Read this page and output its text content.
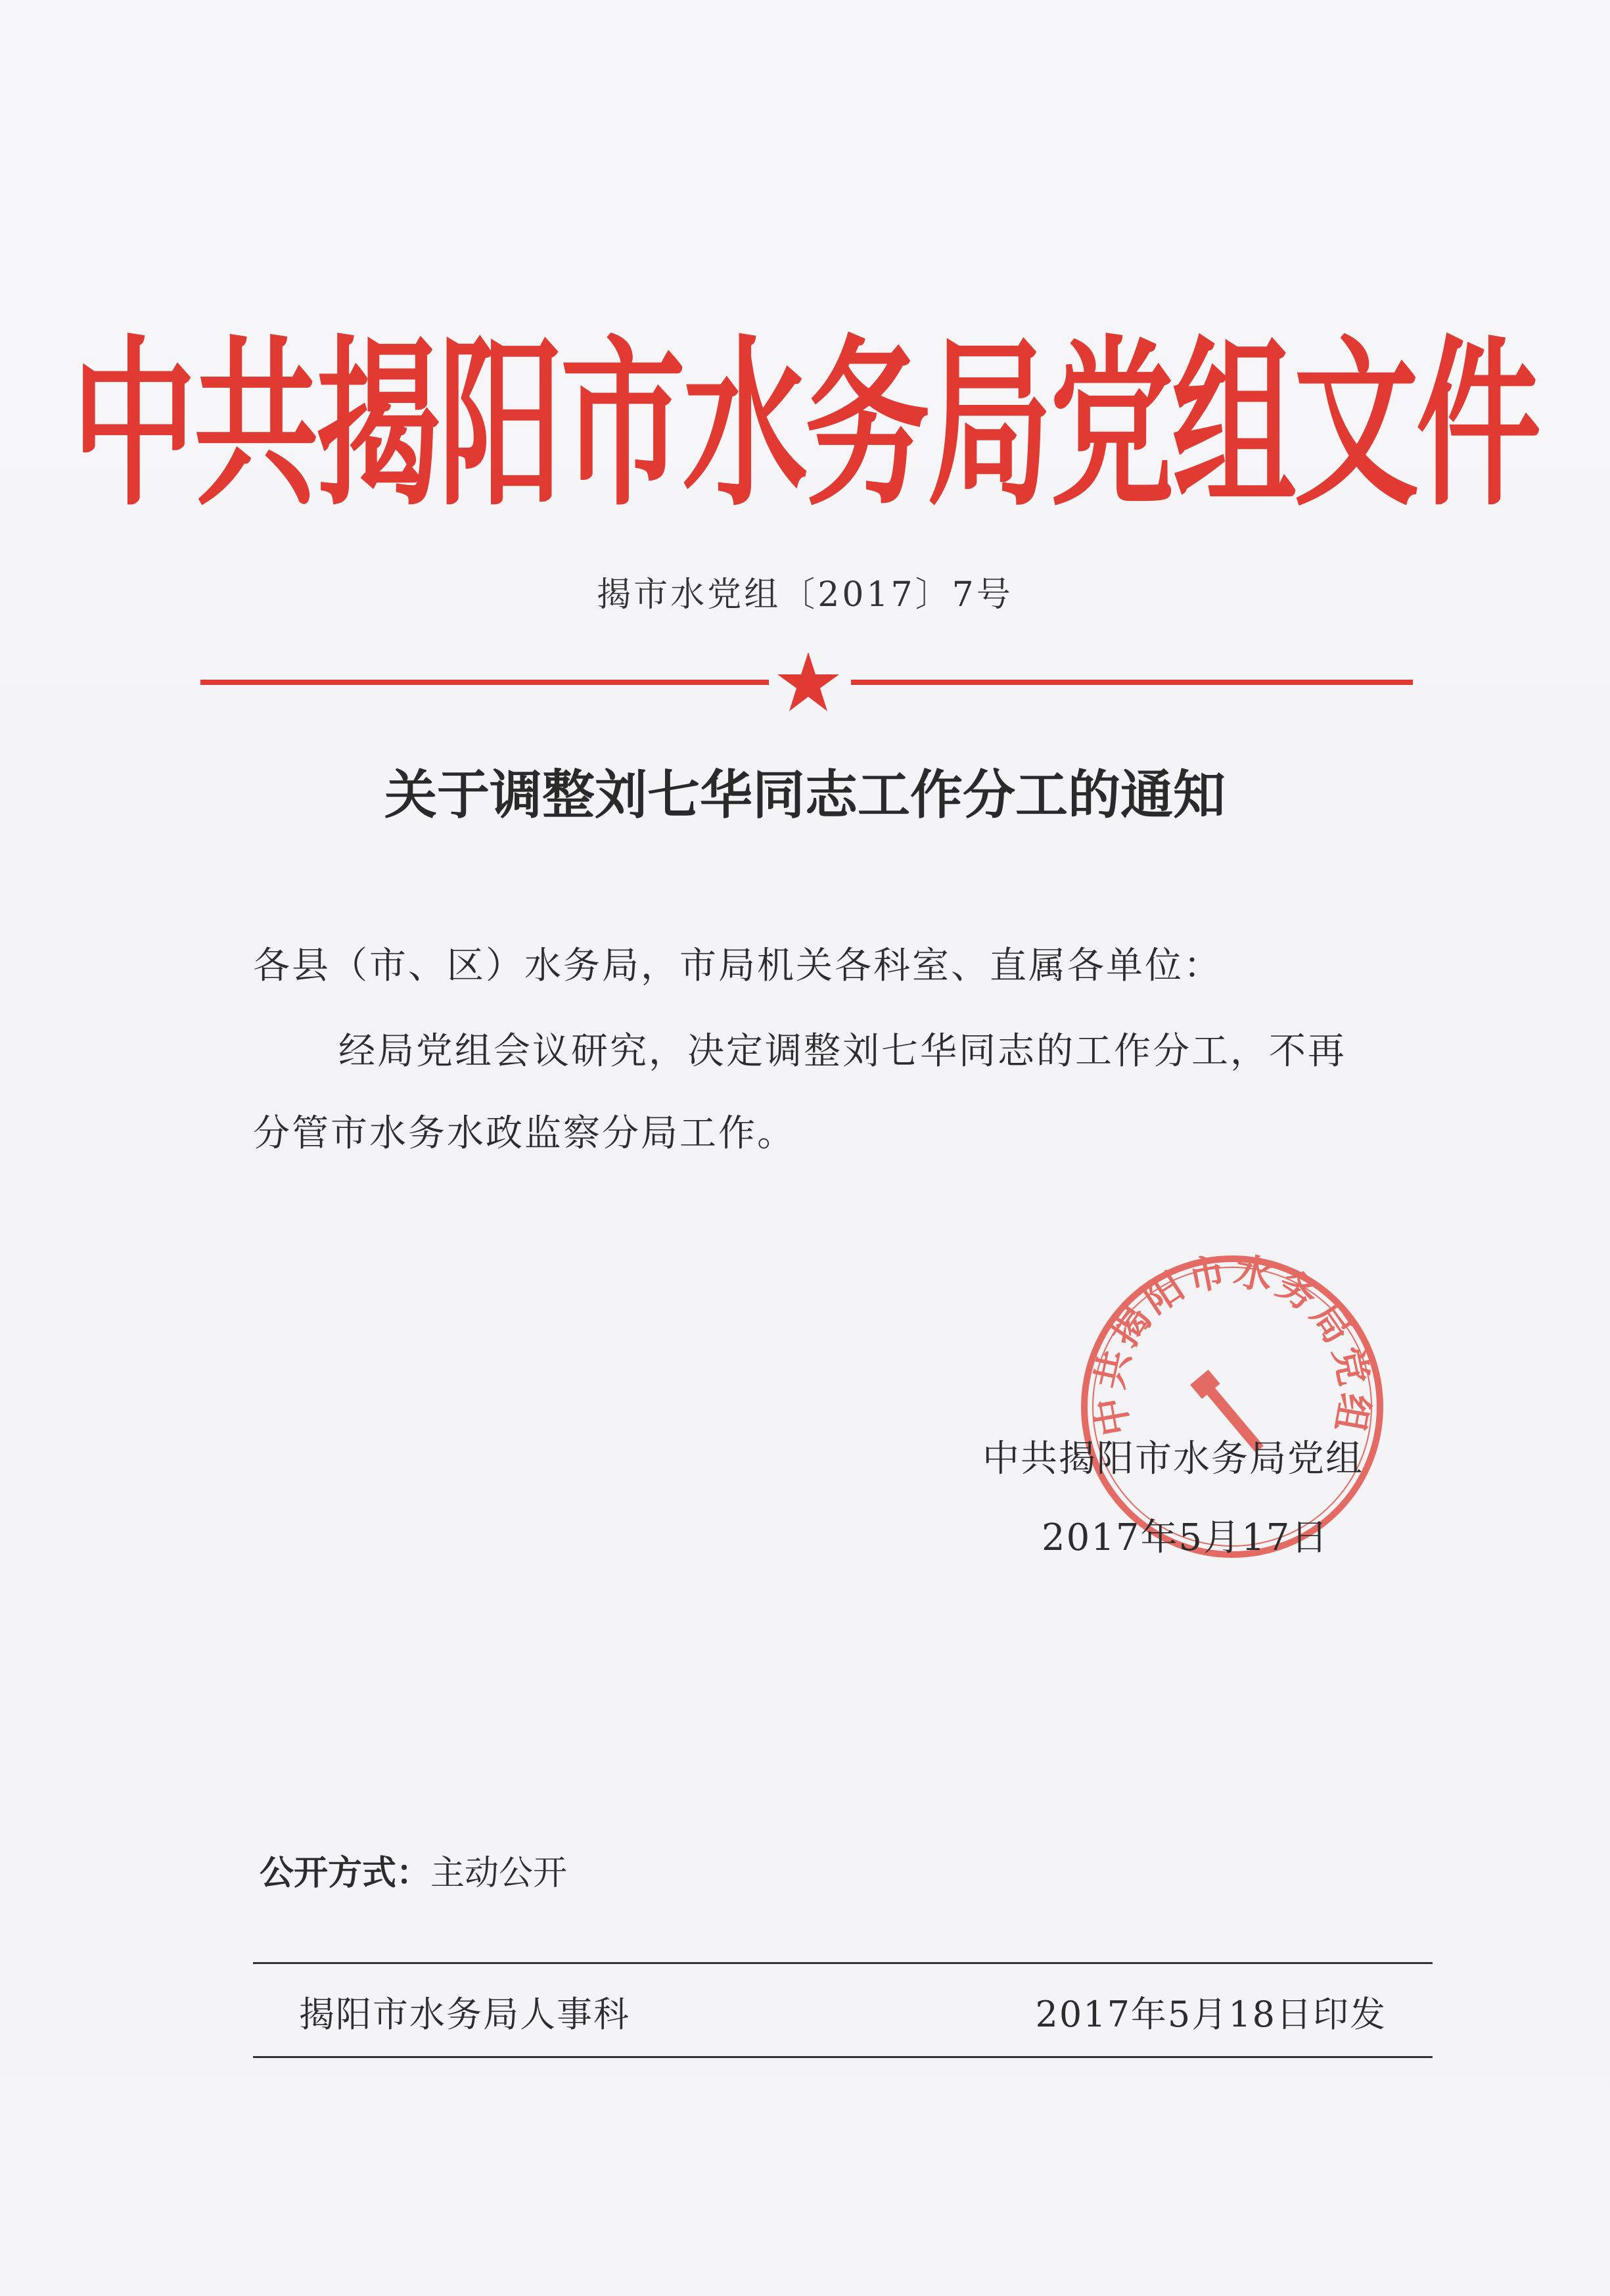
中共揭阳市水务局党组文件
揭市水党组〔2017〕7号
关于调整刘七华同志工作分工的通知
各县（市、区）水务局，市局机关各科室、直属各单位：
经局党组会议研究，决定调整刘七华同志的工作分工，不再
分管市水务水政监察分局工作。
中共揭阳市水务局党组
中共揭阳市水务局党组
2017年5月17日
公开方式：主动公开
揭阳市水务局人事科	2017年5月18日印发
